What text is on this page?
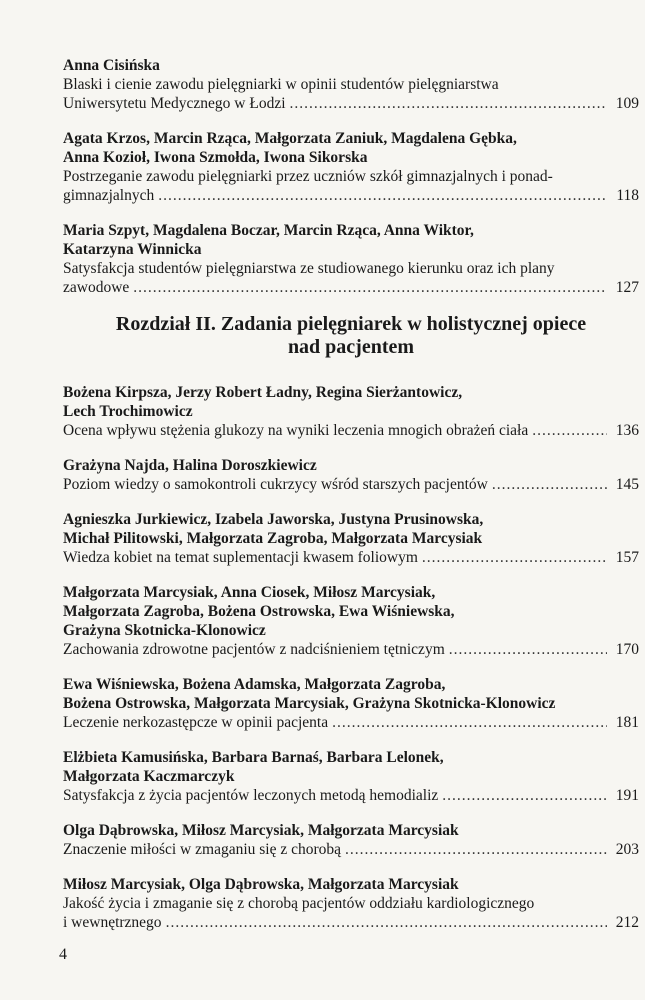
Anna Cisińska
Blaski i cienie zawodu pielęgniarki w opinii studentów pielęgniarstwa
Uniwersytetu Medycznego w Łodzi .....	109
Agata Krzos, Marcin Rząca, Małgorzata Zaniuk, Magdalena Gębka,
Anna Kozioł, Iwona Szmołda, Iwona Sikorska
Postrzeganie zawodu pielęgniarki przez uczniów szkół gimnazjalnych i ponad-
gimnazjalnych .....	118
Maria Szpyt, Magdalena Boczar, Marcin Rząca, Anna Wiktor,
Katarzyna Winnicka
Satysfakcja studentów pielęgniarstwa ze studiowanego kierunku oraz ich plany
zawodowe .....	127
Rozdział II. Zadania pielęgniarek w holistycznej opiece
nad pacjentem
Bożena Kirpsza, Jerzy Robert Ładny, Regina Sierżantowicz,
Lech Trochimowicz
Ocena wpływu stężenia glukozy na wyniki leczenia mnogich obrażeń ciała .....	136
Grażyna Najda, Halina Doroszkiewicz
Poziom wiedzy o samokontroli cukrzycy wśród starszych pacjentów .....	145
Agnieszka Jurkiewicz, Izabela Jaworska, Justyna Prusinowska,
Michał Pilitowski, Małgorzata Zagroba, Małgorzata Marcysiak
Wiedza kobiet na temat suplementacji kwasem foliowym .....	157
Małgorzata Marcysiak, Anna Ciosek, Miłosz Marcysiak,
Małgorzata Zagroba, Bożena Ostrowska, Ewa Wiśniewska,
Grażyna Skotnicka-Klonowicz
Zachowania zdrowotne pacjentów z nadciśnieniem tętniczym .....	170
Ewa Wiśniewska, Bożena Adamska, Małgorzata Zagroba,
Bożena Ostrowska, Małgorzata Marcysiak, Grażyna Skotnicka-Klonowicz
Leczenie nerkozastępcze w opinii pacjenta .....	181
Elżbieta Kamusińska, Barbara Barnaś, Barbara Lelonek,
Małgorzata Kaczmarczyk
Satysfakcja z życia pacjentów leczonych metodą hemodializ .....	191
Olga Dąbrowska, Miłosz Marcysiak, Małgorzata Marcysiak
Znaczenie miłości w zmaganiu się z chorobą .....	203
Miłosz Marcysiak, Olga Dąbrowska, Małgorzata Marcysiak
Jakość życia i zmaganie się z chorobą pacjentów oddziału kardiologicznego
i wewnętrznego .....	212
4
